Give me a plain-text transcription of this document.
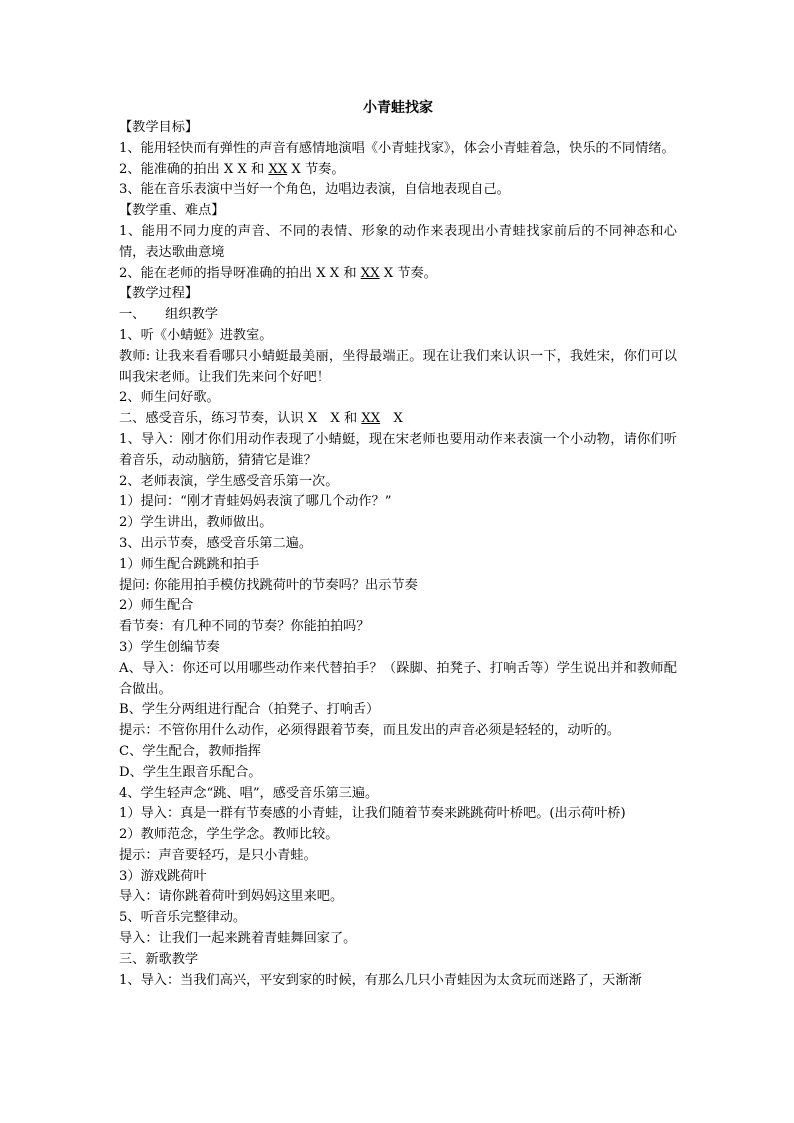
小青蛙找家

【教学目标】

1、能用轻快而有弹性的声音有感情地演唱《小青蛙找家》，体会小青蛙着急，快乐的不同情绪。

2、能准确的拍出 X X 和 XX X 节奏。

3、能在音乐表演中当好一个角色，边唱边表演，自信地表现自己。

【教学重、难点】

1、能用不同力度的声音、不同的表情、形象的动作来表现出小青蛙找家前后的不同神态和心情，表达歌曲意境

2、能在老师的指导呀准确的拍出 X X 和 XX X 节奏。

【教学过程】

一、　　组织教学

1、听《小蜻蜓》进教室。

教师: 让我来看看哪只小蜻蜓最美丽，坐得最端正。现在让我们来认识一下，我姓宋，你们可以叫我宋老师。让我们先来问个好吧！

2、师生问好歌。

二、感受音乐，练习节奏，认识 X　X 和 XX　X

1、导入：刚才你们用动作表现了小蜻蜓，现在宋老师也要用动作来表演一个小动物，请你们听着音乐，动动脑筋，猜猜它是谁？

2、老师表演，学生感受音乐第一次。

1）提问：“刚才青蛙妈妈表演了哪几个动作？”

2）学生讲出，教师做出。

3、出示节奏，感受音乐第二遍。

1）师生配合跳跳和拍手

提问: 你能用拍手模仿找跳荷叶的节奏吗？出示节奏

2）师生配合

看节奏：有几种不同的节奏？你能拍拍吗？

3）学生创编节奏

A、导入：你还可以用哪些动作来代替拍手？（跺脚、拍凳子、打响舌等）学生说出并和教师配合做出。

B、学生分两组进行配合（拍凳子、打响舌）

提示：不管你用什么动作，必须得跟着节奏，而且发出的声音必须是轻轻的，动听的。

C、学生配合，教师指挥

D、学生生跟音乐配合。

4、学生轻声念“跳、唱”，感受音乐第三遍。

1）导入：真是一群有节奏感的小青蛙，让我们随着节奏来跳跳荷叶桥吧。(出示荷叶桥)

2）教师范念，学生学念。教师比较。

提示：声音要轻巧，是只小青蛙。

3）游戏跳荷叶

导入：请你跳着荷叶到妈妈这里来吧。

5、听音乐完整律动。

导入：让我们一起来跳着青蛙舞回家了。

三、新歌教学

1、导入：当我们高兴，平安到家的时候，有那么几只小青蛙因为太贪玩而迷路了，天渐渐
